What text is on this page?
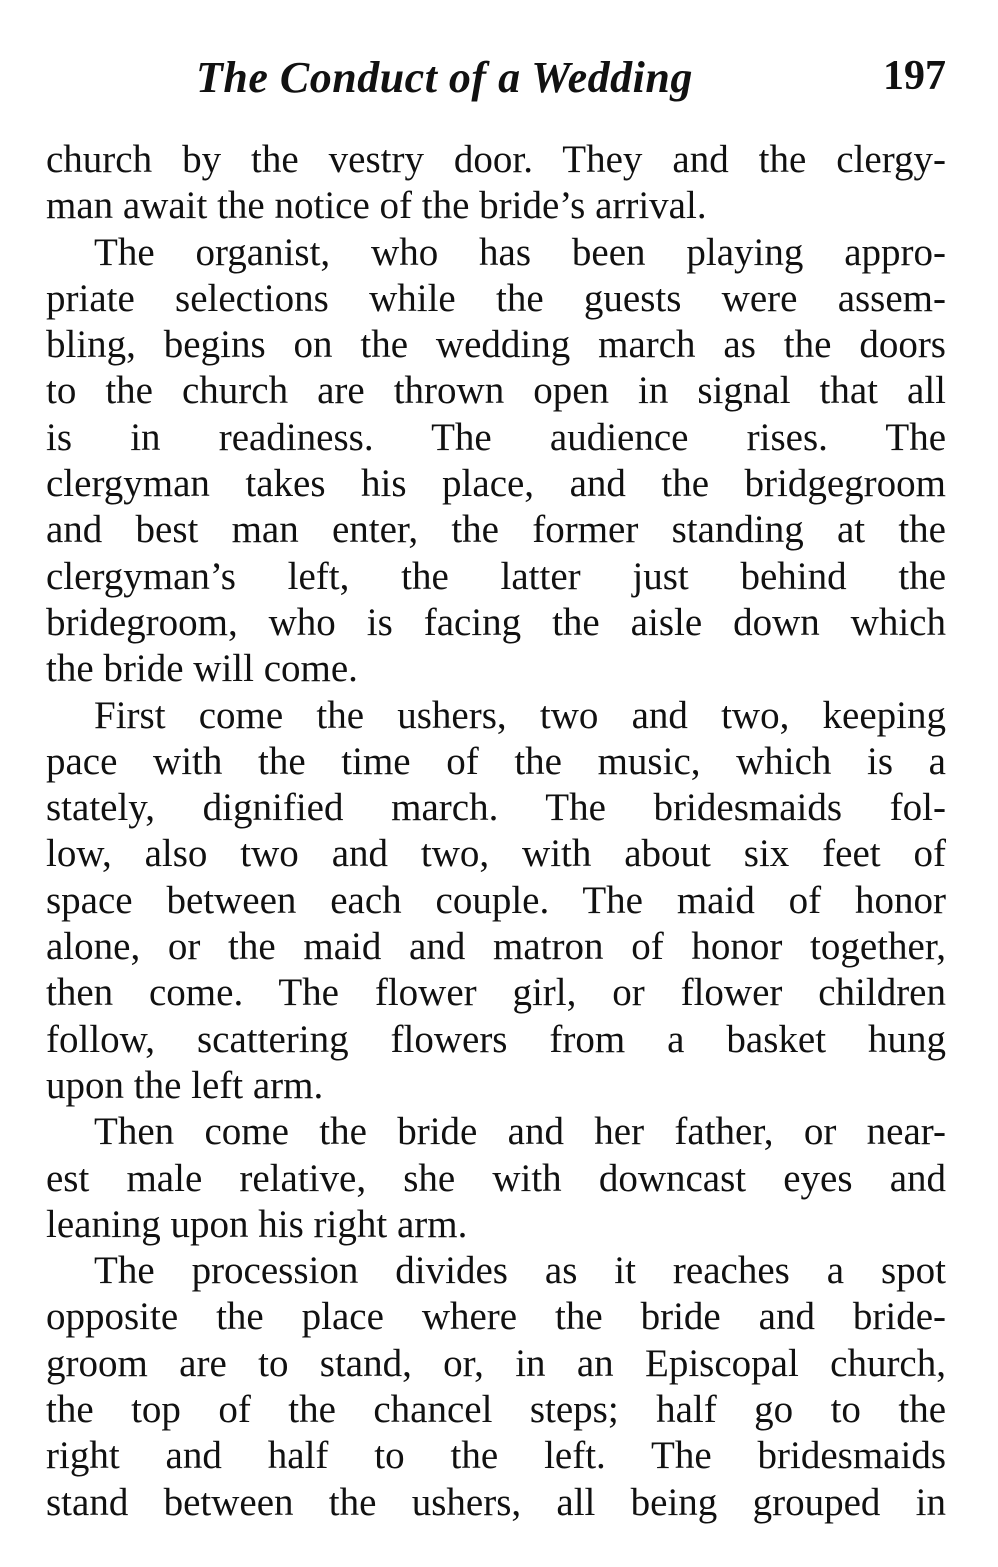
The Conduct of a Wedding	197
church by the vestry door. They and the clergy-
man await the notice of the bride’s arrival.
The organist, who has been playing appro-
priate selections while the guests were assem-
bling, begins on the wedding march as the doors
to the church are thrown open in signal that all
is in readiness. The audience rises. The
clergyman takes his place, and the bridgegroom
and best man enter, the former standing at the
clergyman’s left, the latter just behind the
bridegroom, who is facing the aisle down which
the bride will come.
First come the ushers, two and two, keeping
pace with the time of the music, which is a
stately, dignified march. The bridesmaids fol-
low, also two and two, with about six feet of
space between each couple. The maid of honor
alone, or the maid and matron of honor together,
then come. The flower girl, or flower children
follow, scattering flowers from a basket hung
upon the left arm.
Then come the bride and her father, or near-
est male relative, she with downcast eyes and
leaning upon his right arm.
The procession divides as it reaches a spot
opposite the place where the bride and bride-
groom are to stand, or, in an Episcopal church,
the top of the chancel steps; half go to the
right and half to the left. The bridesmaids
stand between the ushers, all being grouped in
